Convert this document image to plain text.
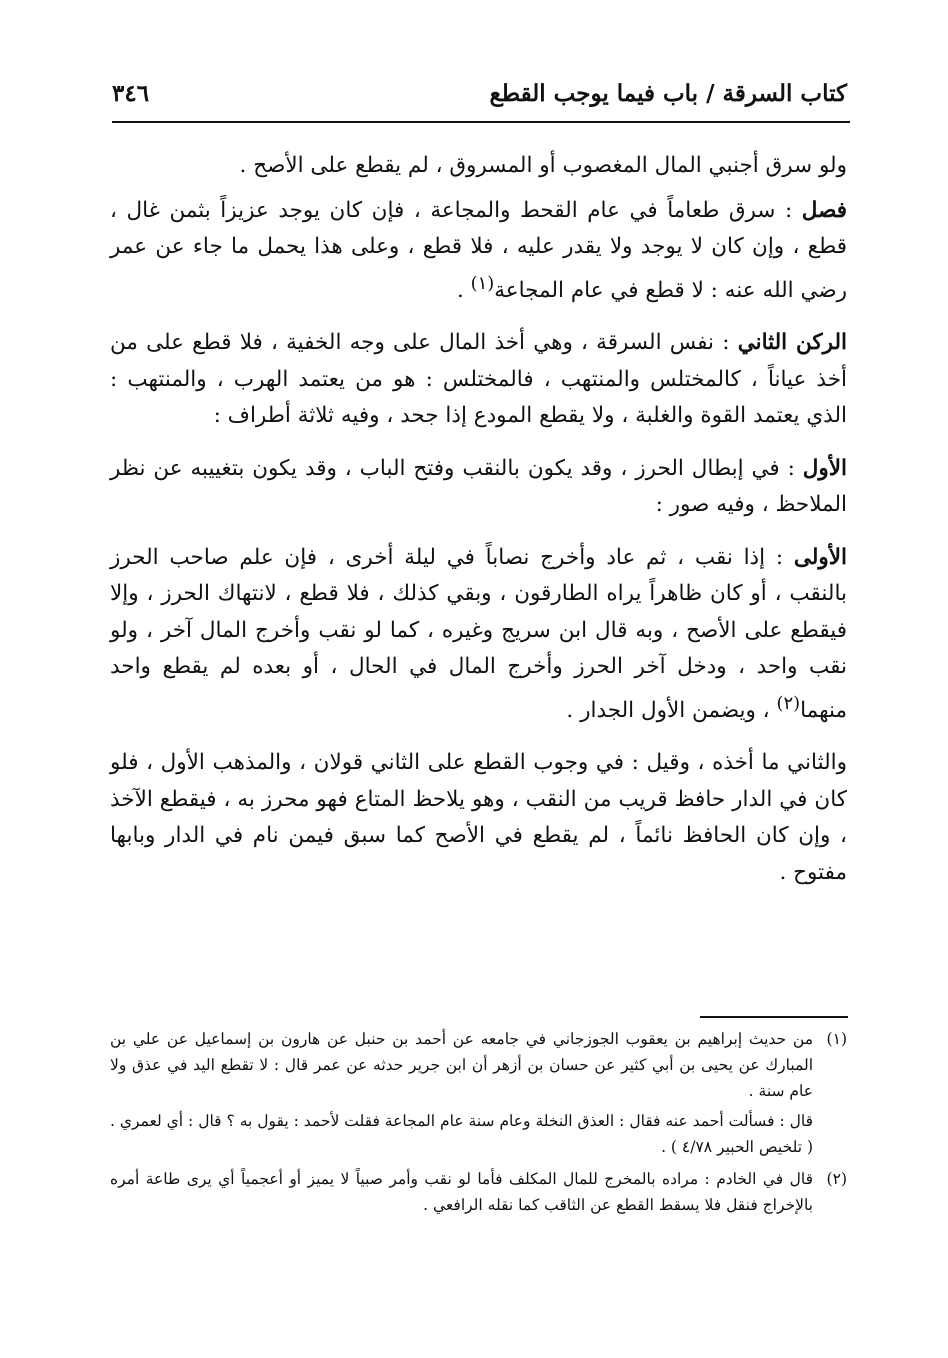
كتاب السرقة / باب فيما يوجب القطع
٣٤٦

ولو سرق أجنبي المال المغصوب أو المسروق ، لم يقطع على الأصح .

فصل : سرق طعاماً في عام القحط والمجاعة ، فإن كان يوجد عزيزاً بثمن غال ، قطع ، وإن كان لا يوجد ولا يقدر عليه ، فلا قطع ، وعلى هذا يحمل ما جاء عن عمر رضي الله عنه : لا قطع في عام المجاعة$^{(١)}$ .

الركن الثاني : نفس السرقة ، وهي أخذ المال على وجه الخفية ، فلا قطع على من أخذ عياناً ، كالمختلس والمنتهب ، فالمختلس : هو من يعتمد الهرب ، والمنتهب : الذي يعتمد القوة والغلبة ، ولا يقطع المودع إذا جحد ، وفيه ثلاثة أطراف :

الأول : في إبطال الحرز ، وقد يكون بالنقب وفتح الباب ، وقد يكون بتغييبه عن نظر الملاحظ ، وفيه صور :

الأولى : إذا نقب ، ثم عاد وأخرج نصاباً في ليلة أخرى ، فإن علم صاحب الحرز بالنقب ، أو كان ظاهراً يراه الطارقون ، وبقي كذلك ، فلا قطع ، لانتهاك الحرز ، وإلا فيقطع على الأصح ، وبه قال ابن سريج وغيره ، كما لو نقب وأخرج المال آخر ، ولو نقب واحد ، ودخل آخر الحرز وأخرج المال في الحال ، أو بعده لم يقطع واحد منهما$^{(٢)}$ ، ويضمن الأول الجدار .

والثاني ما أخذه ، وقيل : في وجوب القطع على الثاني قولان ، والمذهب الأول ، فلو كان في الدار حافظ قريب من النقب ، وهو يلاحظ المتاع فهو محرز به ، فيقطع الآخذ ، وإن كان الحافظ نائماً ، لم يقطع في الأصح كما سبق فيمن نام في الدار وبابها مفتوح .

(١)

من حديث إبراهيم بن يعقوب الجوزجاني في جامعه عن أحمد بن حنبل عن هارون بن إسماعيل عن علي بن المبارك عن يحيى بن أبي كثير عن حسان بن أزهر أن ابن جرير حدثه عن عمر قال : لا تقطع اليد في عذق ولا عام سنة .

قال : فسألت أحمد عنه فقال : العذق النخلة وعام سنة عام المجاعة فقلت لأحمد : يقول به ؟ قال : أي لعمري . ( تلخيص الحبير ٤/٧٨ ) .

(٢)

قال في الخادم : مراده بالمخرج للمال المكلف فأما لو نقب وأمر صبياً لا يميز أو أعجمياً أي يرى طاعة أمره بالإخراج فنقل فلا يسقط القطع عن الثاقب كما نقله الرافعي .
